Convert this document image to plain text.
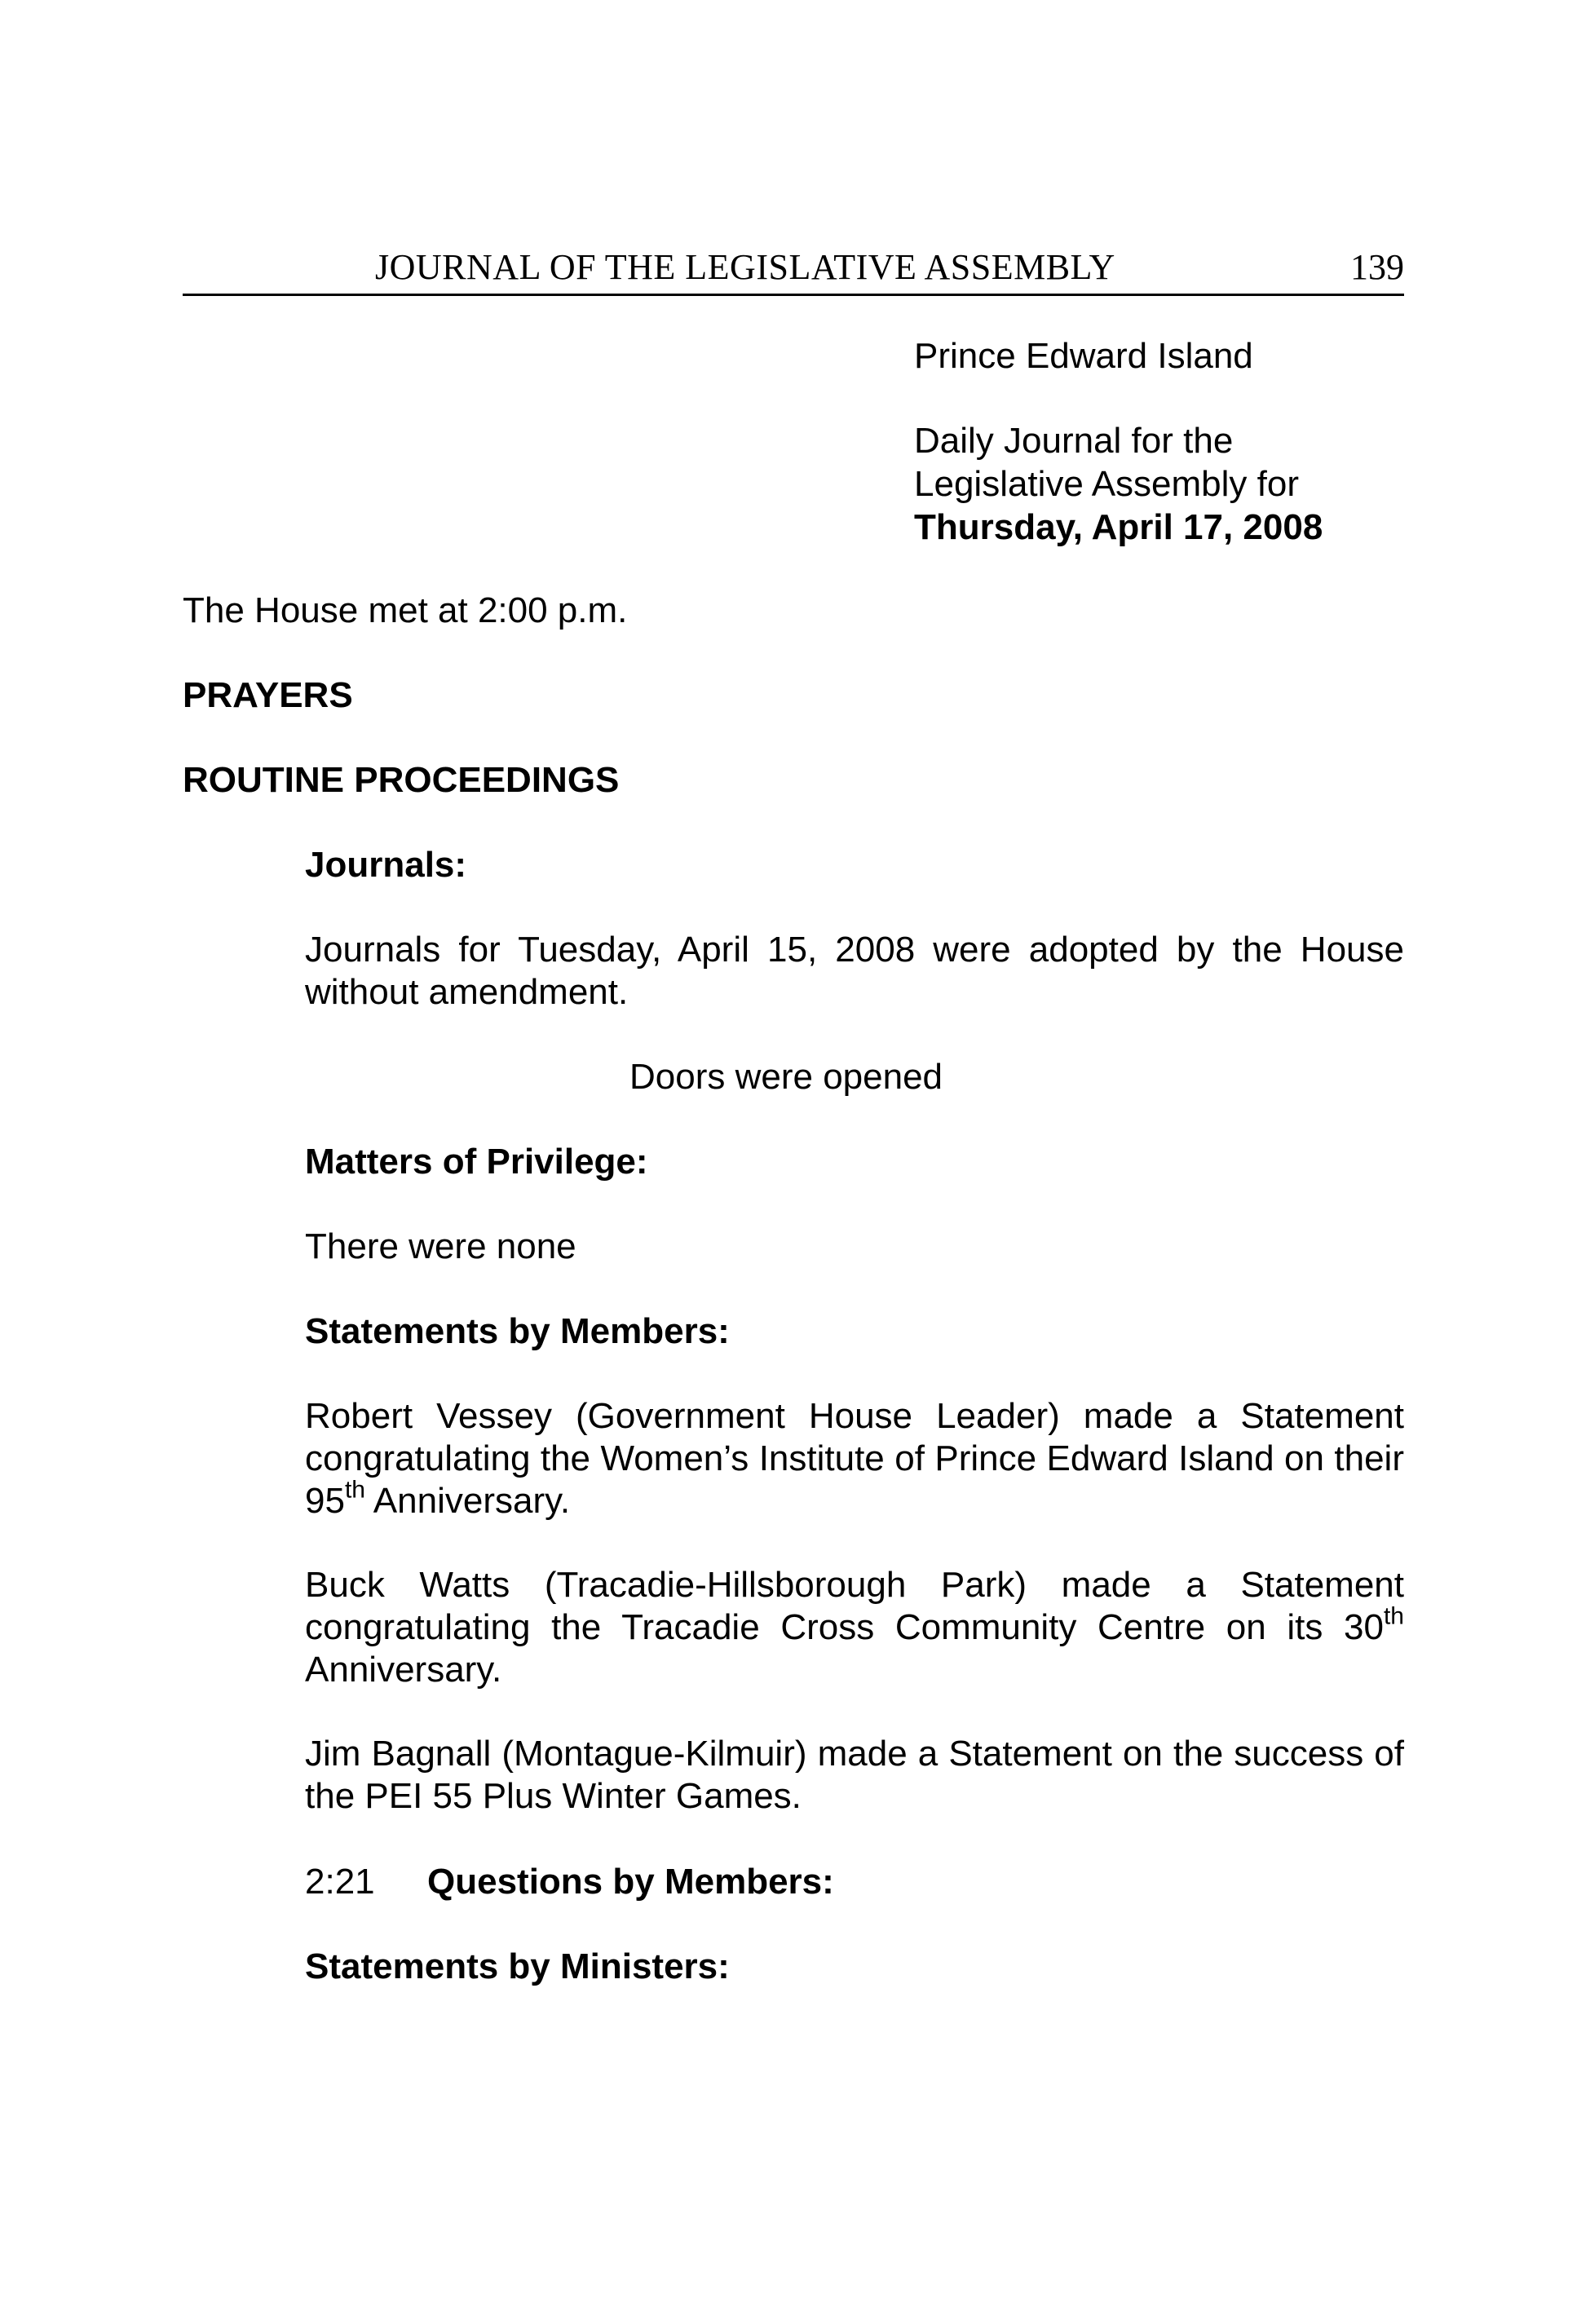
JOURNAL OF THE LEGISLATIVE ASSEMBLY	139
Prince Edward Island
Daily Journal for the
Legislative Assembly for
Thursday, April 17, 2008
The House met at 2:00 p.m.
PRAYERS
ROUTINE PROCEEDINGS
Journals:
Journals for Tuesday, April 15, 2008 were adopted by the House without amendment.
Doors were opened
Matters of Privilege:
There were none
Statements by Members:
Robert Vessey (Government House Leader) made a Statement congratulating the Women’s Institute of Prince Edward Island on their 95th Anniversary.
Buck Watts (Tracadie-Hillsborough Park) made a Statement congratulating the Tracadie Cross Community Centre on its 30th Anniversary.
Jim Bagnall (Montague-Kilmuir) made a Statement on the success of the PEI 55 Plus Winter Games.
2:21 Questions by Members:
Statements by Ministers:
